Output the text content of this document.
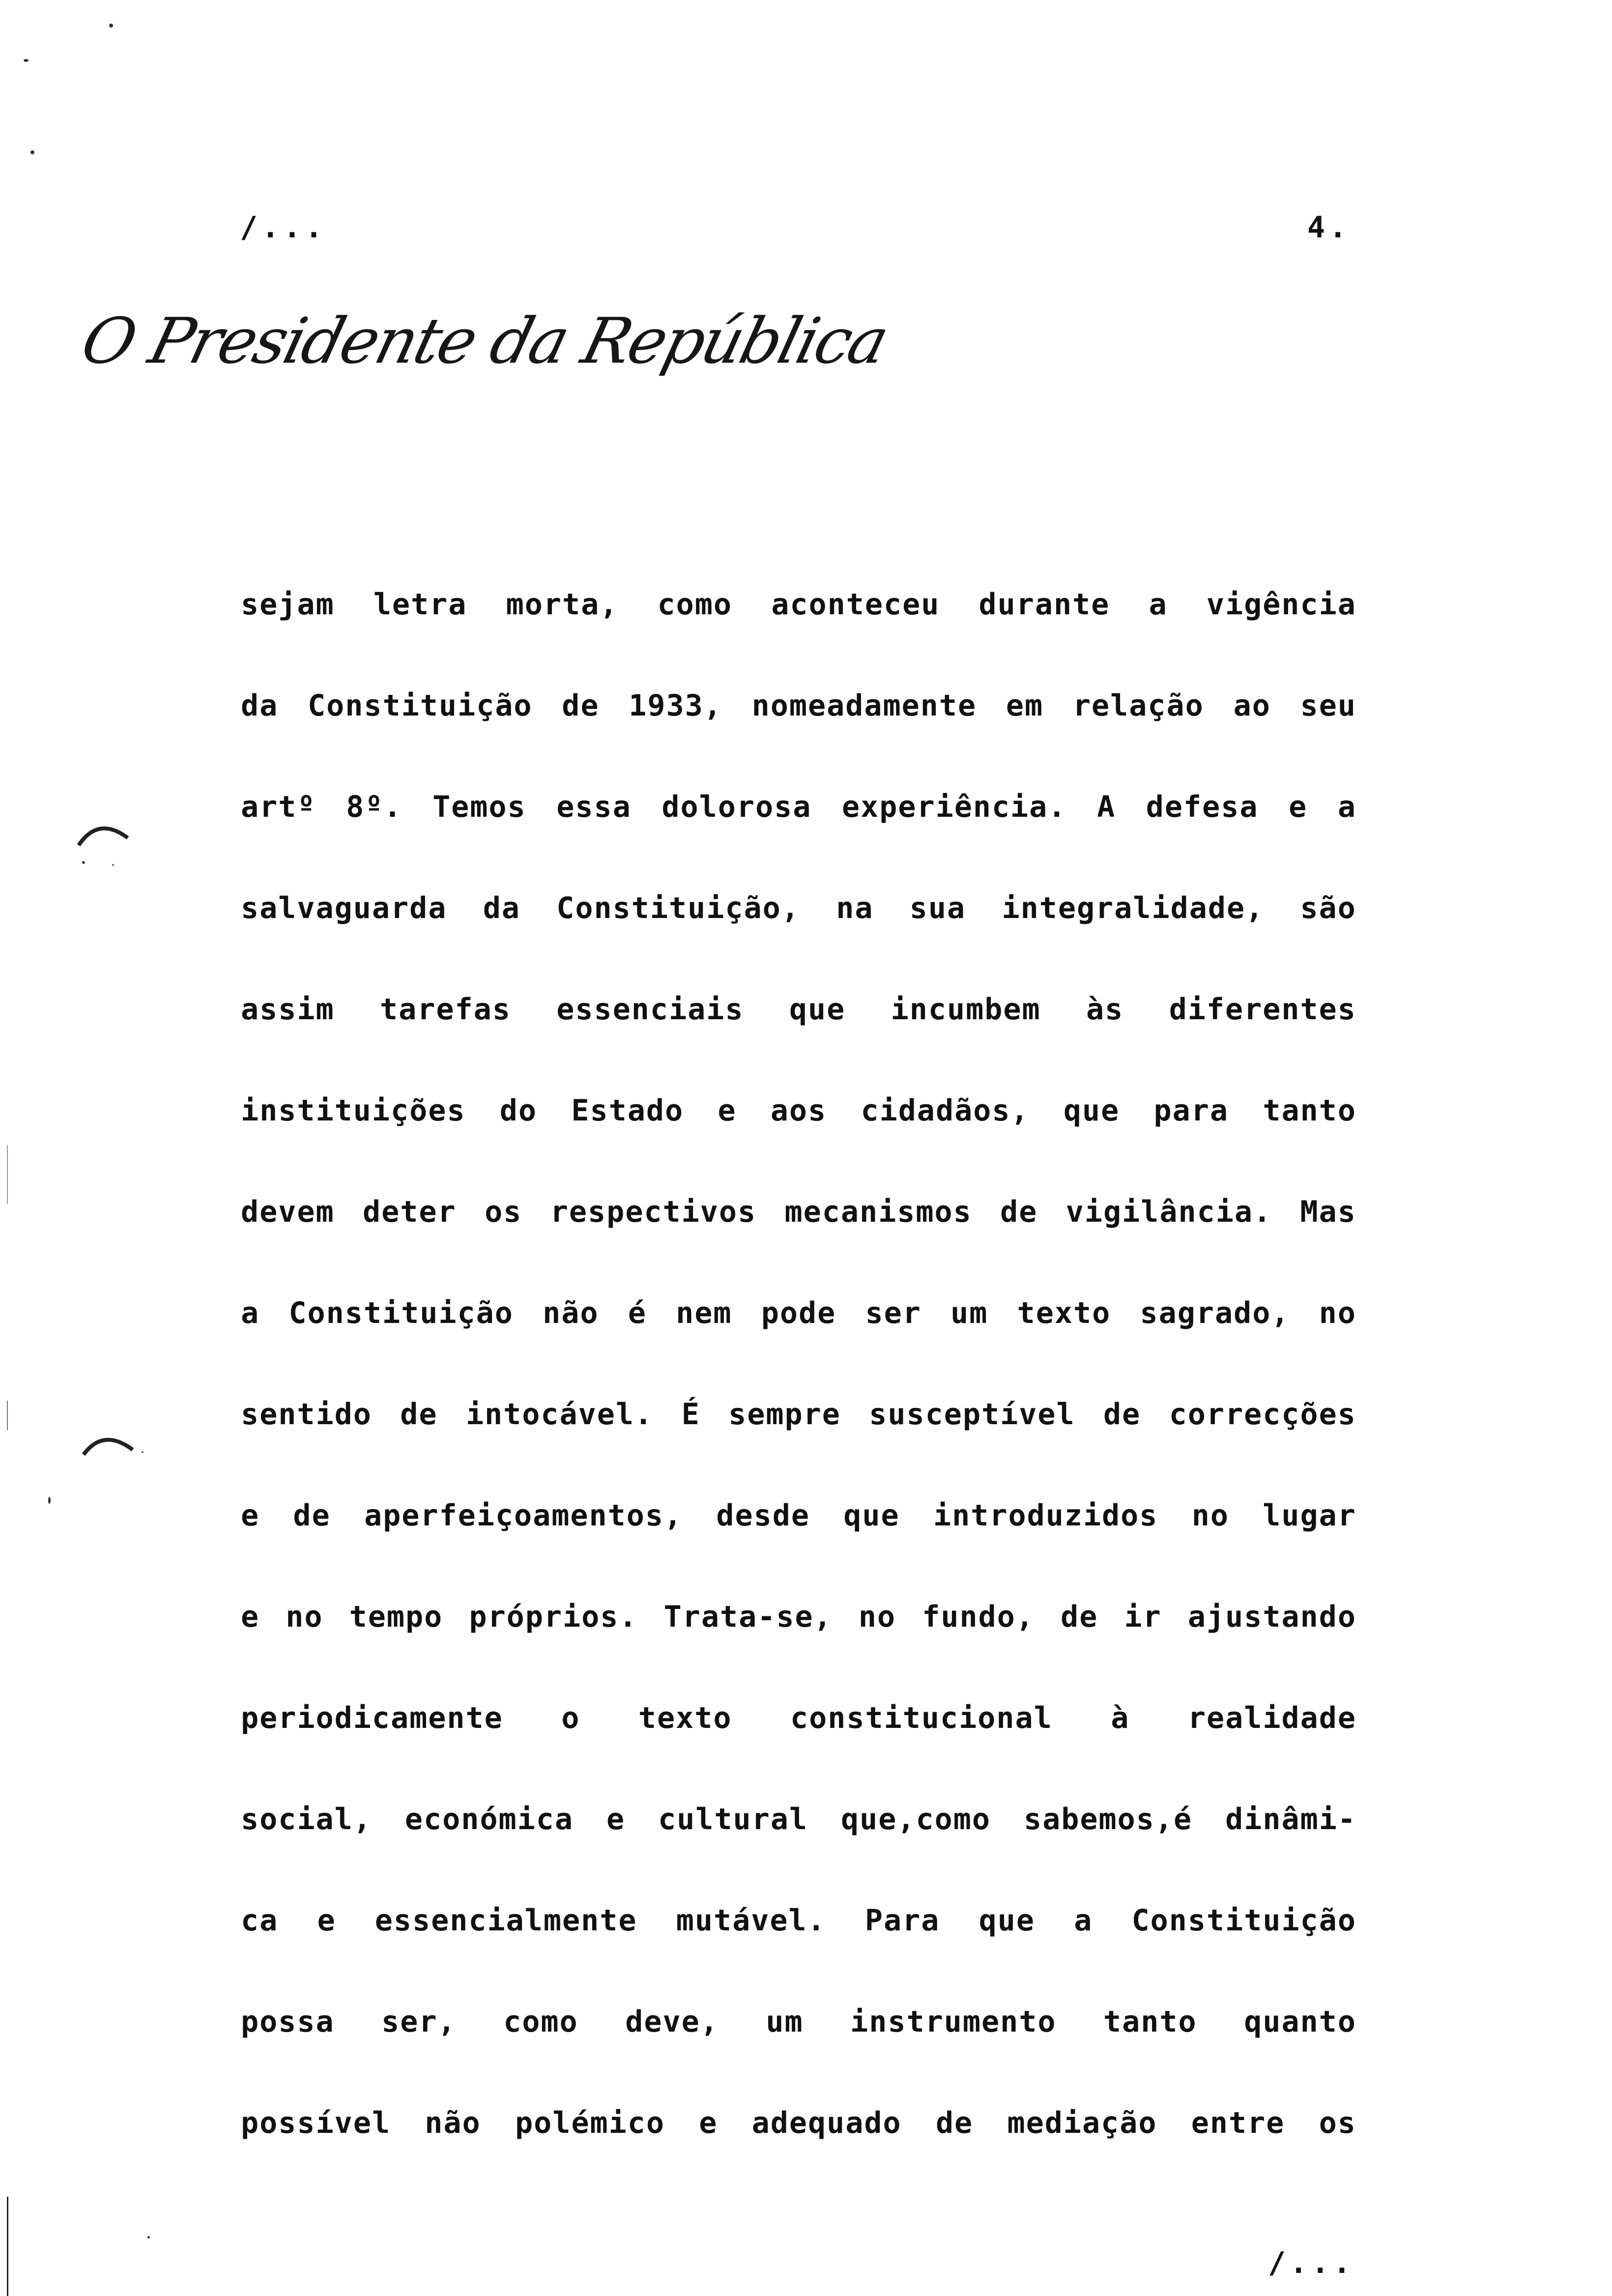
/...	4.
O Presidente da República
sejam letra morta, como aconteceu durante a vigência
da Constituição de 1933, nomeadamente em relação ao seu
artº 8º. Temos essa dolorosa experiência. A defesa e a
salvaguarda da Constituição, na sua integralidade, são
assim tarefas essenciais que incumbem às diferentes
instituições do Estado e aos cidadãos, que para tanto
devem deter os respectivos mecanismos de vigilância. Mas
a Constituição não é nem pode ser um texto sagrado, no
sentido de intocável. É sempre susceptível de correcções
e de aperfeiçoamentos, desde que introduzidos no lugar
e no tempo próprios. Trata-se, no fundo, de ir ajustando
periodicamente o texto constitucional à realidade
social, económica e cultural que,como sabemos,é dinâmi-
ca e essencialmente mutável. Para que a Constituição
possa ser, como deve, um instrumento tanto quanto
possível não polémico e adequado de mediação entre os
/...
